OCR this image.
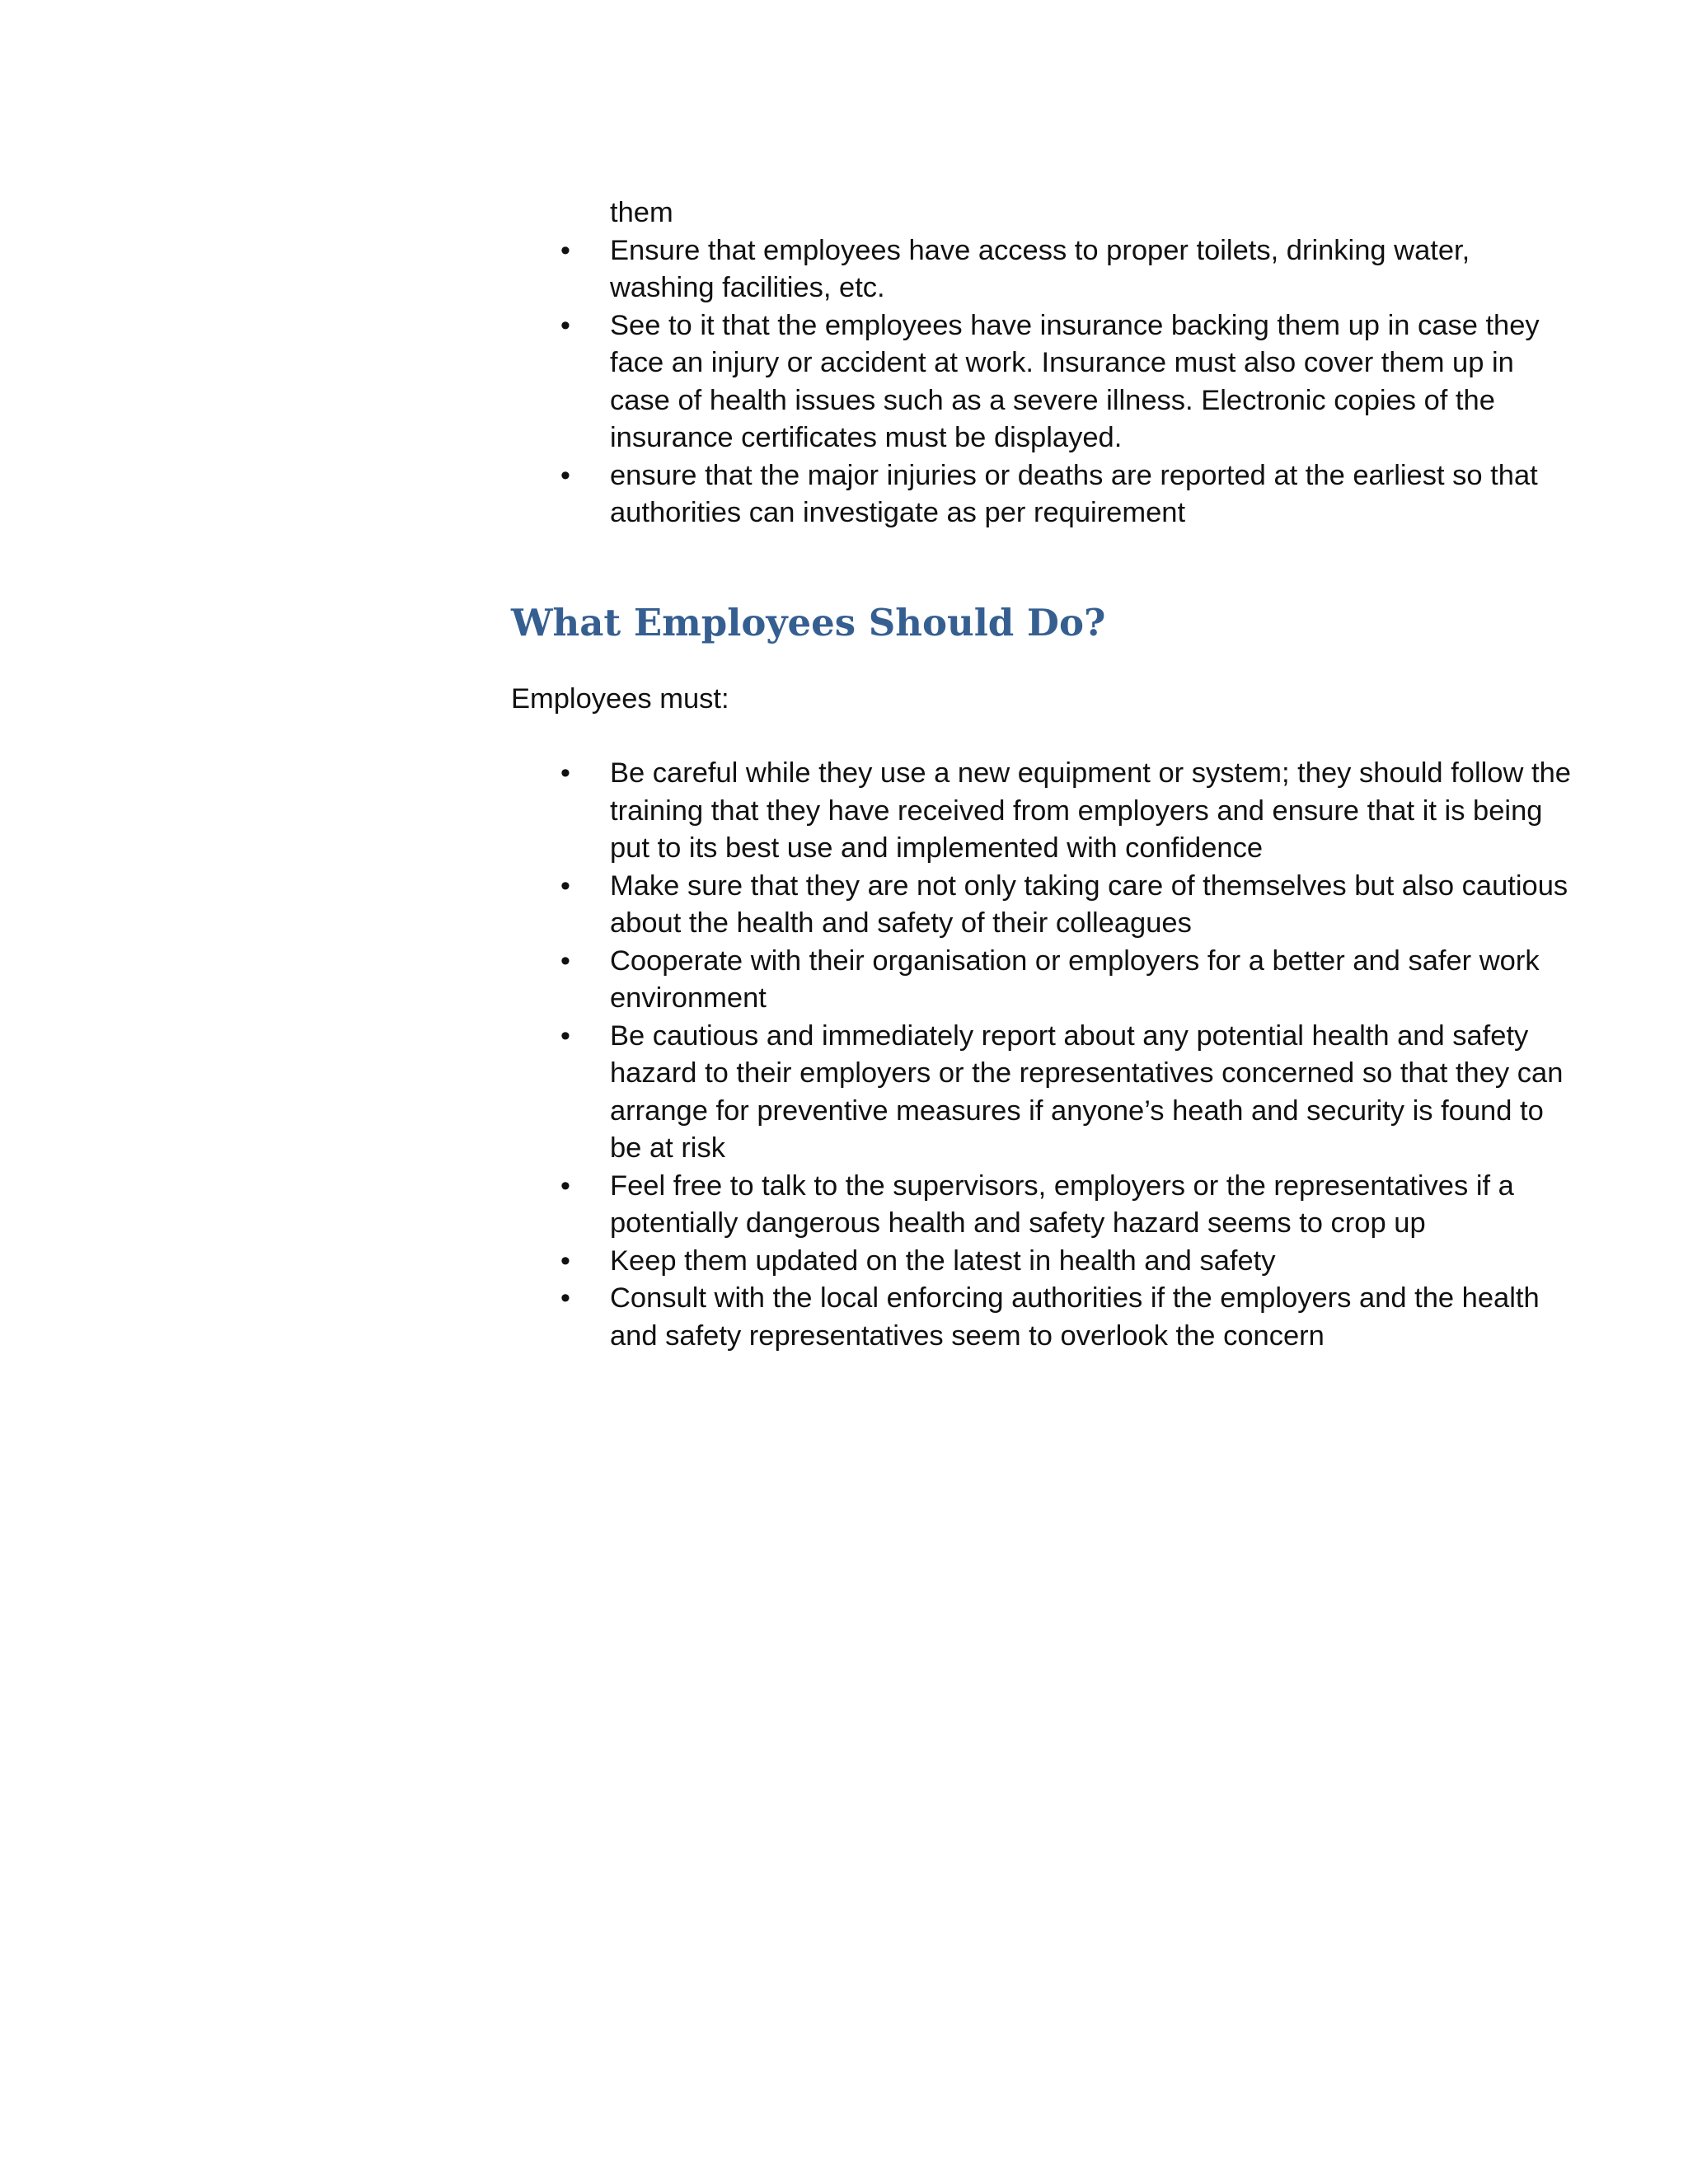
them
•	Ensure that employees have access to proper toilets, drinking water, washing facilities, etc.
•	See to it that the employees have insurance backing them up in case they face an injury or accident at work. Insurance must also cover them up in case of health issues such as a severe illness. Electronic copies of the insurance certificates must be displayed.
•	ensure that the major injuries or deaths are reported at the earliest so that authorities can investigate as per requirement
What Employees Should Do?

Employees must:

•	Be careful while they use a new equipment or system; they should follow the training that they have received from employers and ensure that it is being put to its best use and implemented with confidence
•	Make sure that they are not only taking care of themselves but also cautious about the health and safety of their colleagues
•	Cooperate with their organisation or employers for a better and safer work environment
•	Be cautious and immediately report about any potential health and safety hazard to their employers or the representatives concerned so that they can arrange for preventive measures if anyone’s heath and security is found to be at risk
•	Feel free to talk to the supervisors, employers or the representatives if a potentially dangerous health and safety hazard seems to crop up
•	Keep them updated on the latest in health and safety
•	Consult with the local enforcing authorities if the employers and the health and safety representatives seem to overlook the concern
